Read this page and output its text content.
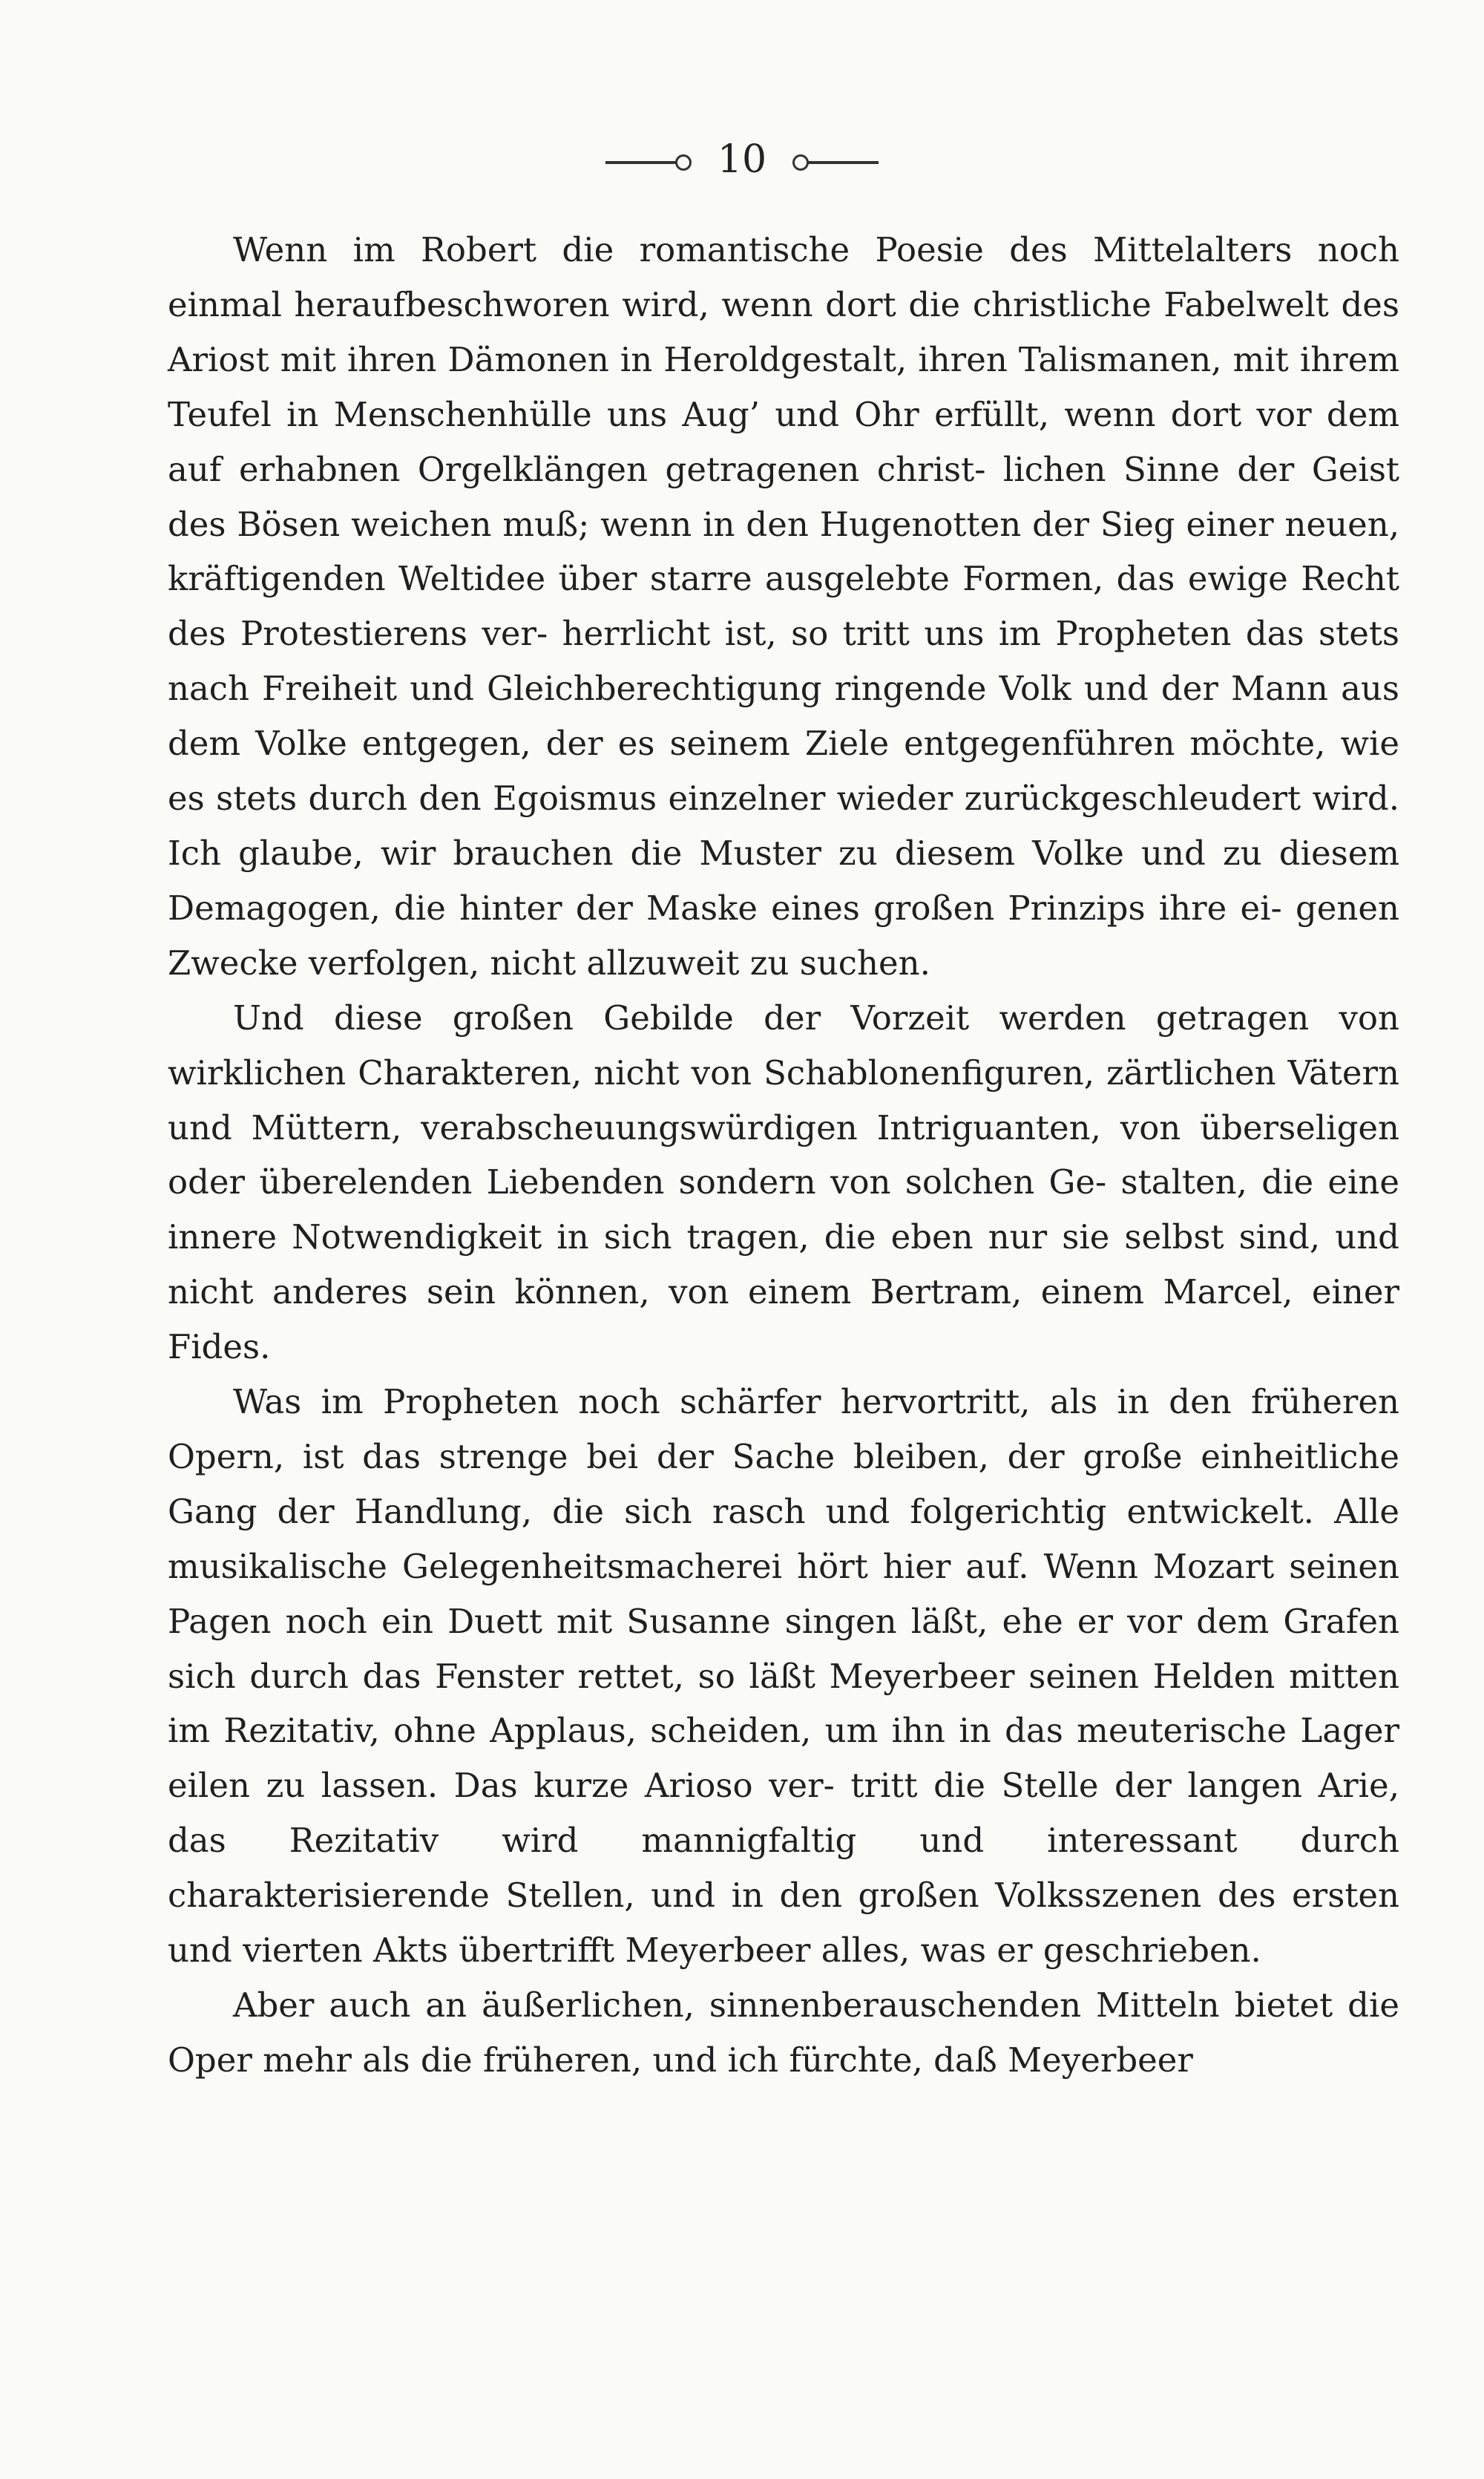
10

Wenn im Robert die romantische Poesie des Mittelalters noch einmal heraufbeschworen wird, wenn dort die christliche Fabelwelt des Ariost mit ihren Dämonen in Heroldgestalt, ihren Talismanen, mit ihrem Teufel in Menschenhülle uns Aug’ und Ohr erfüllt, wenn dort vor dem auf erhabnen Orgelklängen getragenen christ- lichen Sinne der Geist des Bösen weichen muß; wenn in den Hugenotten der Sieg einer neuen, kräftigenden Weltidee über starre ausgelebte Formen, das ewige Recht des Protestierens ver- herrlicht ist, so tritt uns im Propheten das stets nach Freiheit und Gleichberechtigung ringende Volk und der Mann aus dem Volke entgegen, der es seinem Ziele entgegenführen möchte, wie es stets durch den Egoismus einzelner wieder zurückgeschleudert wird. Ich glaube, wir brauchen die Muster zu diesem Volke und zu diesem Demagogen, die hinter der Maske eines großen Prinzips ihre ei- genen Zwecke verfolgen, nicht allzuweit zu suchen.

Und diese großen Gebilde der Vorzeit werden getragen von wirklichen Charakteren, nicht von Schablonenfiguren, zärtlichen Vätern und Müttern, verabscheuungswürdigen Intriguanten, von überseligen oder überelenden Liebenden sondern von solchen Ge- stalten, die eine innere Notwendigkeit in sich tragen, die eben nur sie selbst sind, und nicht anderes sein können, von einem Bertram, einem Marcel, einer Fides.

Was im Propheten noch schärfer hervortritt, als in den früheren Opern, ist das strenge bei der Sache bleiben, der große einheitliche Gang der Handlung, die sich rasch und folgerichtig entwickelt. Alle musikalische Gelegenheitsmacherei hört hier auf. Wenn Mozart seinen Pagen noch ein Duett mit Susanne singen läßt, ehe er vor dem Grafen sich durch das Fenster rettet, so läßt Meyerbeer seinen Helden mitten im Rezitativ, ohne Applaus, scheiden, um ihn in das meuterische Lager eilen zu lassen. Das kurze Arioso ver- tritt die Stelle der langen Arie, das Rezitativ wird mannigfaltig und interessant durch charakterisierende Stellen, und in den großen Volksszenen des ersten und vierten Akts übertrifft Meyerbeer alles, was er geschrieben.

Aber auch an äußerlichen, sinnenberauschenden Mitteln bietet die Oper mehr als die früheren, und ich fürchte, daß Meyerbeer
